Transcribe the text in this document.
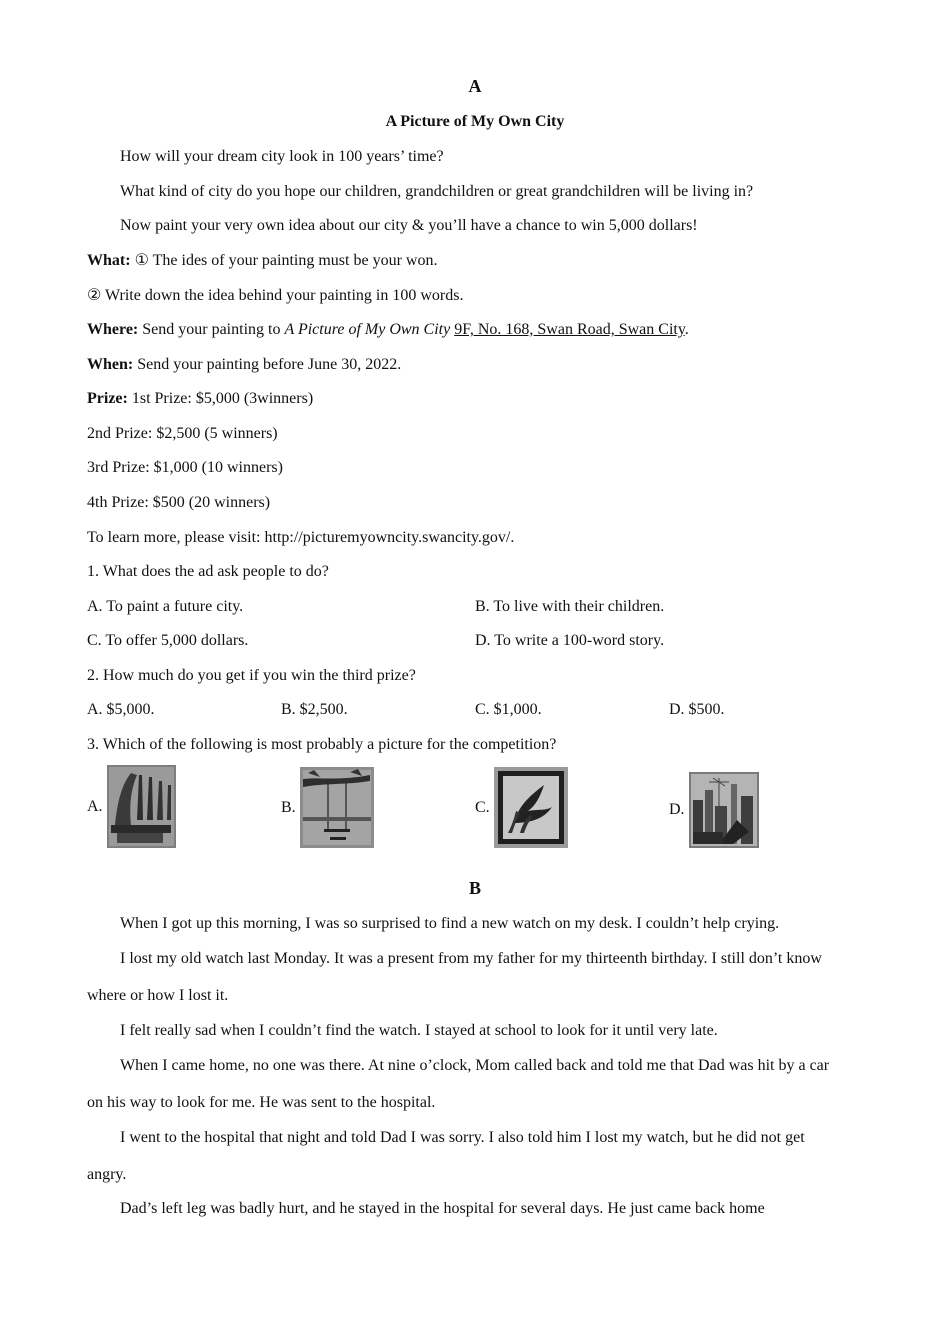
A
A Picture of My Own City
How will your dream city look in 100 years’ time?
What kind of city do you hope our children, grandchildren or great grandchildren will be living in?
Now paint your very own idea about our city & you’ll have a chance to win 5,000 dollars!
What: ① The ides of your painting must be your won.
② Write down the idea behind your painting in 100 words.
Where: Send your painting to A Picture of My Own City 9F, No. 168, Swan Road, Swan City.
When: Send your painting before June 30, 2022.
Prize: 1st Prize: $5,000 (3winners)
2nd Prize: $2,500 (5 winners)
3rd Prize: $1,000 (10 winners)
4th Prize: $500 (20 winners)
To learn more, please visit: http://picturemyowncity.swancity.gov/.
1. What does the ad ask people to do?
A. To paint a future city.	B. To live with their children.
C. To offer 5,000 dollars.	D. To write a 100-word story.
2. How much do you get if you win the third prize?
A. $5,000.	B. $2,500.	C. $1,000.	D. $500.
3. Which of the following is most probably a picture for the competition?
A.	B.	C.	D.
B
When I got up this morning, I was so surprised to find a new watch on my desk. I couldn’t help crying.
I lost my old watch last Monday. It was a present from my father for my thirteenth birthday. I still don’t know
where or how I lost it.
I felt really sad when I couldn’t find the watch. I stayed at school to look for it until very late.
When I came home, no one was there. At nine o’clock, Mom called back and told me that Dad was hit by a car
on his way to look for me. He was sent to the hospital.
I went to the hospital that night and told Dad I was sorry. I also told him I lost my watch, but he did not get
angry.
Dad’s left leg was badly hurt, and he stayed in the hospital for several days. He just came back home
